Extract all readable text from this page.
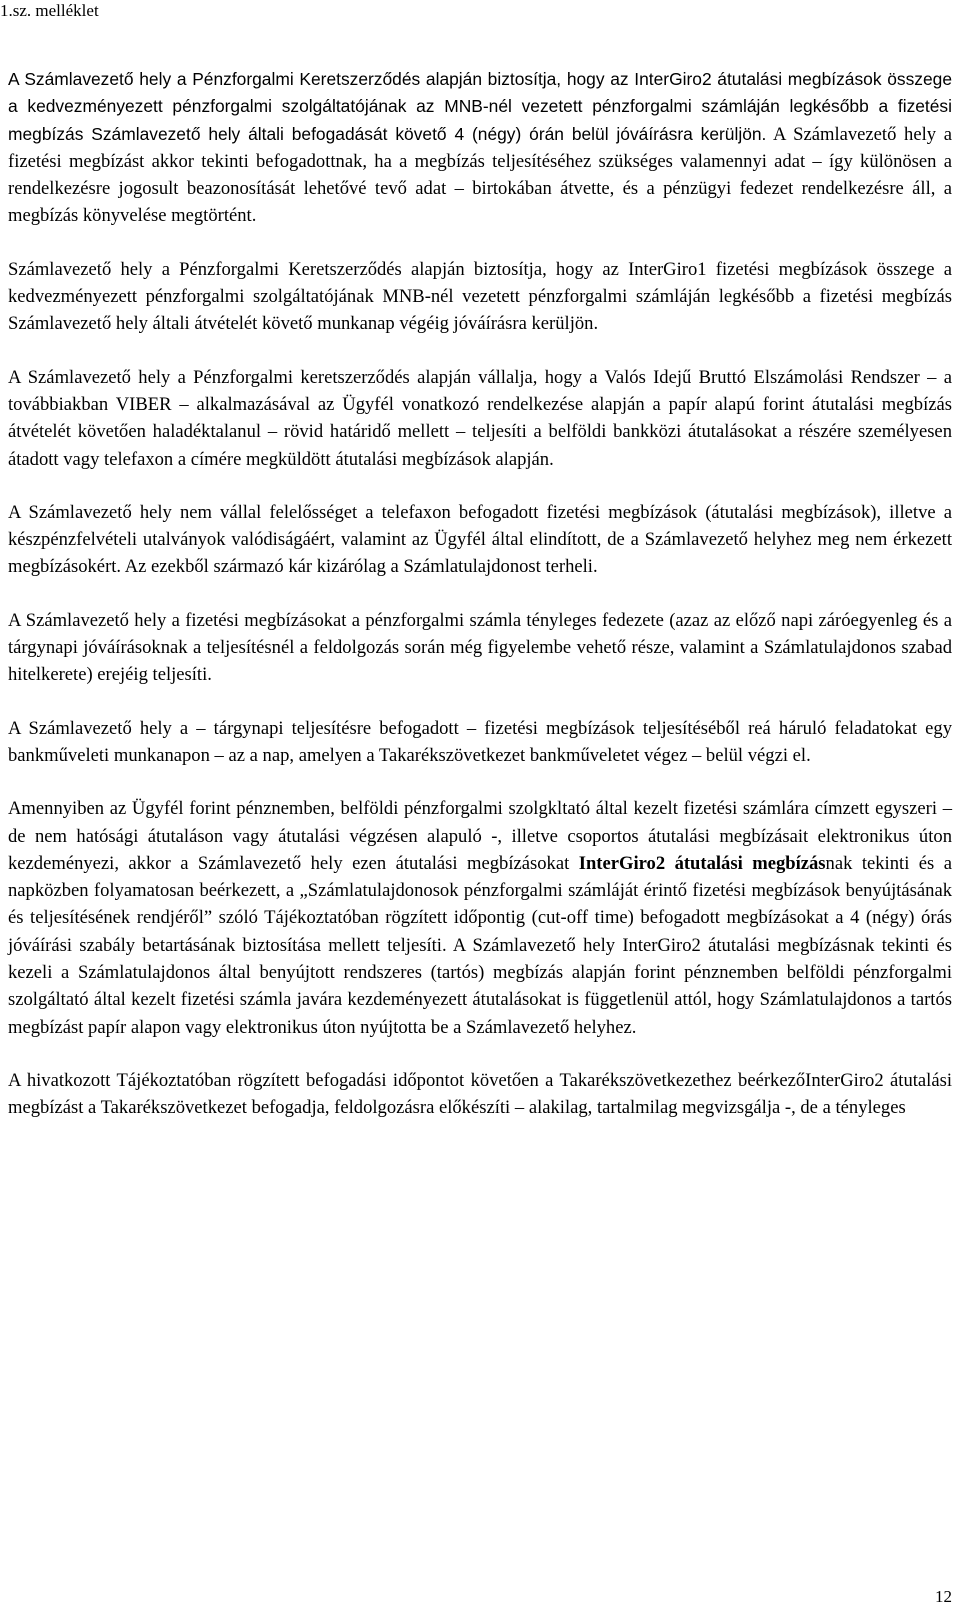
1.sz. melléklet

A Számlavezető hely a Pénzforgalmi Keretszerződés alapján biztosítja, hogy az InterGiro2 átutalási megbízások összege a kedvezményezett pénzforgalmi szolgáltatójának az MNB-nél vezetett pénzforgalmi számláján legkésőbb a fizetési megbízás Számlavezető hely általi befogadását követő 4 (négy) órán belül jóváírásra kerüljön. A Számlavezető hely a fizetési megbízást akkor tekinti befogadottnak, ha a megbízás teljesítéséhez szükséges valamennyi adat – így különösen a rendelkezésre jogosult beazonosítását lehetővé tevő adat – birtokában átvette, és a pénzügyi fedezet rendelkezésre áll, a megbízás könyvelése megtörtént.

Számlavezető hely a Pénzforgalmi Keretszerződés alapján biztosítja, hogy az InterGiro1 fizetési megbízások összege a kedvezményezett pénzforgalmi szolgáltatójának MNB-nél vezetett pénzforgalmi számláján legkésőbb a fizetési megbízás Számlavezető hely általi átvételét követő munkanap végéig jóváírásra kerüljön.

A Számlavezető hely a Pénzforgalmi keretszerződés alapján vállalja, hogy a Valós Idejű Bruttó Elszámolási Rendszer – a továbbiakban VIBER – alkalmazásával az Ügyfél vonatkozó rendelkezése alapján a papír alapú forint átutalási megbízás átvételét követően haladéktalanul – rövid határidő mellett – teljesíti a belföldi bankközi átutalásokat a részére személyesen átadott vagy telefaxon a címére megküldött átutalási megbízások alapján.

A Számlavezető hely nem vállal felelősséget a telefaxon befogadott fizetési megbízások (átutalási megbízások), illetve a készpénzfelvételi utalványok valódiságáért, valamint az Ügyfél által elindított, de a Számlavezető helyhez meg nem érkezett megbízásokért. Az ezekből származó kár kizárólag a Számlatulajdonost terheli.

A Számlavezető hely a fizetési megbízásokat a pénzforgalmi számla tényleges fedezete (azaz az előző napi záróegyenleg és a tárgynapi jóváírásoknak a teljesítésnél a feldolgozás során még figyelembe vehető része, valamint a Számlatulajdonos szabad hitelkerete) erejéig teljesíti.

A Számlavezető hely a – tárgynapi teljesítésre befogadott – fizetési megbízások teljesítéséből reá háruló feladatokat egy bankműveleti munkanapon – az a nap, amelyen a Takarékszövetkezet bankműveletet végez – belül végzi el.

Amennyiben az Ügyfél forint pénznemben, belföldi pénzforgalmi szolgkltató által kezelt fizetési számlára címzett egyszeri – de nem hatósági átutaláson vagy átutalási végzésen alapuló -, illetve csoportos átutalási megbízásait elektronikus úton kezdeményezi, akkor a Számlavezető hely ezen átutalási megbízásokat InterGiro2 átutalási megbízásnak tekinti és a napközben folyamatosan beérkezett, a „Számlatulajdonosok pénzforgalmi számláját érintő fizetési megbízások benyújtásának és teljesítésének rendjéről” szóló Tájékoztatóban rögzített időpontig (cut-off time) befogadott megbízásokat a 4 (négy) órás jóváírási szabály betartásának biztosítása mellett teljesíti. A Számlavezető hely InterGiro2 átutalási megbízásnak tekinti és kezeli a Számlatulajdonos által benyújtott rendszeres (tartós) megbízás alapján forint pénznemben belföldi pénzforgalmi szolgáltató által kezelt fizetési számla javára kezdeményezett átutalásokat is függetlenül attól, hogy Számlatulajdonos a tartós megbízást papír alapon vagy elektronikus úton nyújtotta be a Számlavezető helyhez.

A hivatkozott Tájékoztatóban rögzített befogadási időpontot követően a Takarékszövetkezethez beérkezőInterGiro2 átutalási megbízást a Takarékszövetkezet befogadja, feldolgozásra előkészíti – alakilag, tartalmilag megvizsgálja -, de a tényleges

12
